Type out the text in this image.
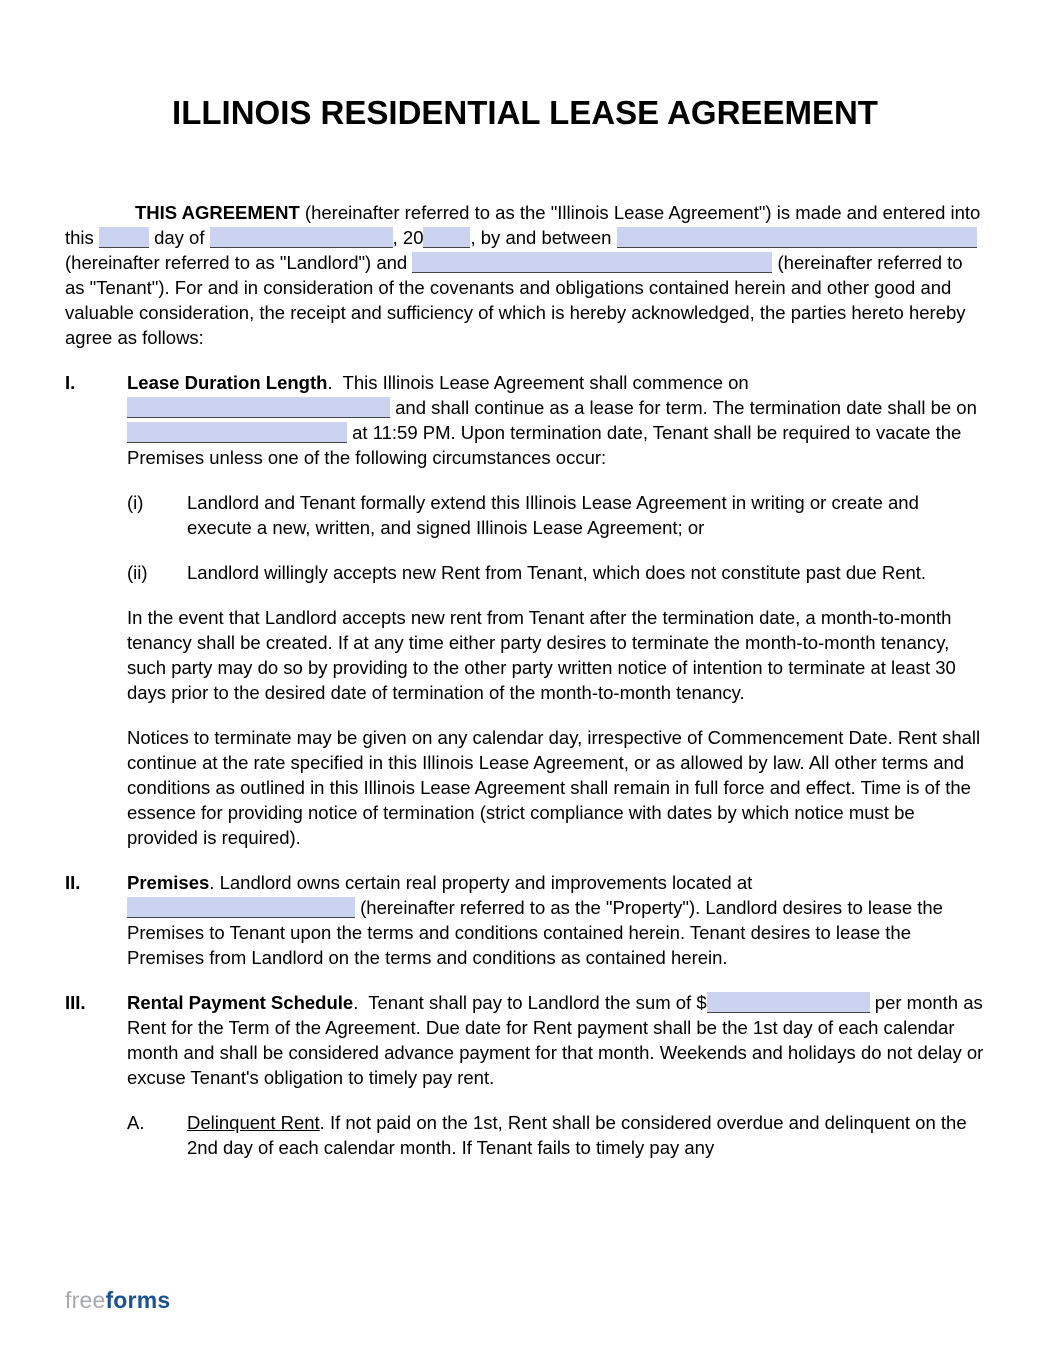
ILLINOIS RESIDENTIAL LEASE AGREEMENT

THIS AGREEMENT (hereinafter referred to as the "Illinois Lease Agreement") is made and entered into this	day of	, 20	, by and between  (hereinafter referred to as "Landlord") and	(hereinafter referred to as "Tenant"). For and in consideration of the covenants and obligations contained herein and other good and valuable consideration, the receipt and sufficiency of which is hereby acknowledged, the parties hereto hereby agree as follows:

I.	Lease Duration Length.  This Illinois Lease Agreement shall commence on  and shall continue as a lease for term. The termination date shall be on  at 11:59 PM. Upon termination date, Tenant shall be required to vacate the Premises unless one of the following circumstances occur:

(i)	Landlord and Tenant formally extend this Illinois Lease Agreement in writing or create and execute a new, written, and signed Illinois Lease Agreement; or

(ii)	Landlord willingly accepts new Rent from Tenant, which does not constitute past due Rent.

In the event that Landlord accepts new rent from Tenant after the termination date, a month-to-month tenancy shall be created. If at any time either party desires to terminate the month-to-month tenancy, such party may do so by providing to the other party written notice of intention to terminate at least 30 days prior to the desired date of termination of the month-to-month tenancy.

Notices to terminate may be given on any calendar day, irrespective of Commencement Date. Rent shall continue at the rate specified in this Illinois Lease Agreement, or as allowed by law. All other terms and conditions as outlined in this Illinois Lease Agreement shall remain in full force and effect. Time is of the essence for providing notice of termination (strict compliance with dates by which notice must be provided is required).

II.	Premises. Landlord owns certain real property and improvements located at  (hereinafter referred to as the "Property"). Landlord desires to lease the Premises to Tenant upon the terms and conditions contained herein. Tenant desires to lease the Premises from Landlord on the terms and conditions as contained herein.

III.	Rental Payment Schedule.  Tenant shall pay to Landlord the sum of $	per month as Rent for the Term of the Agreement. Due date for Rent payment shall be the 1st day of each calendar month and shall be considered advance payment for that month. Weekends and holidays do not delay or excuse Tenant's obligation to timely pay rent.

A.	Delinquent Rent. If not paid on the 1st, Rent shall be considered overdue and delinquent on the 2nd day of each calendar month. If Tenant fails to timely pay any

freeforms
